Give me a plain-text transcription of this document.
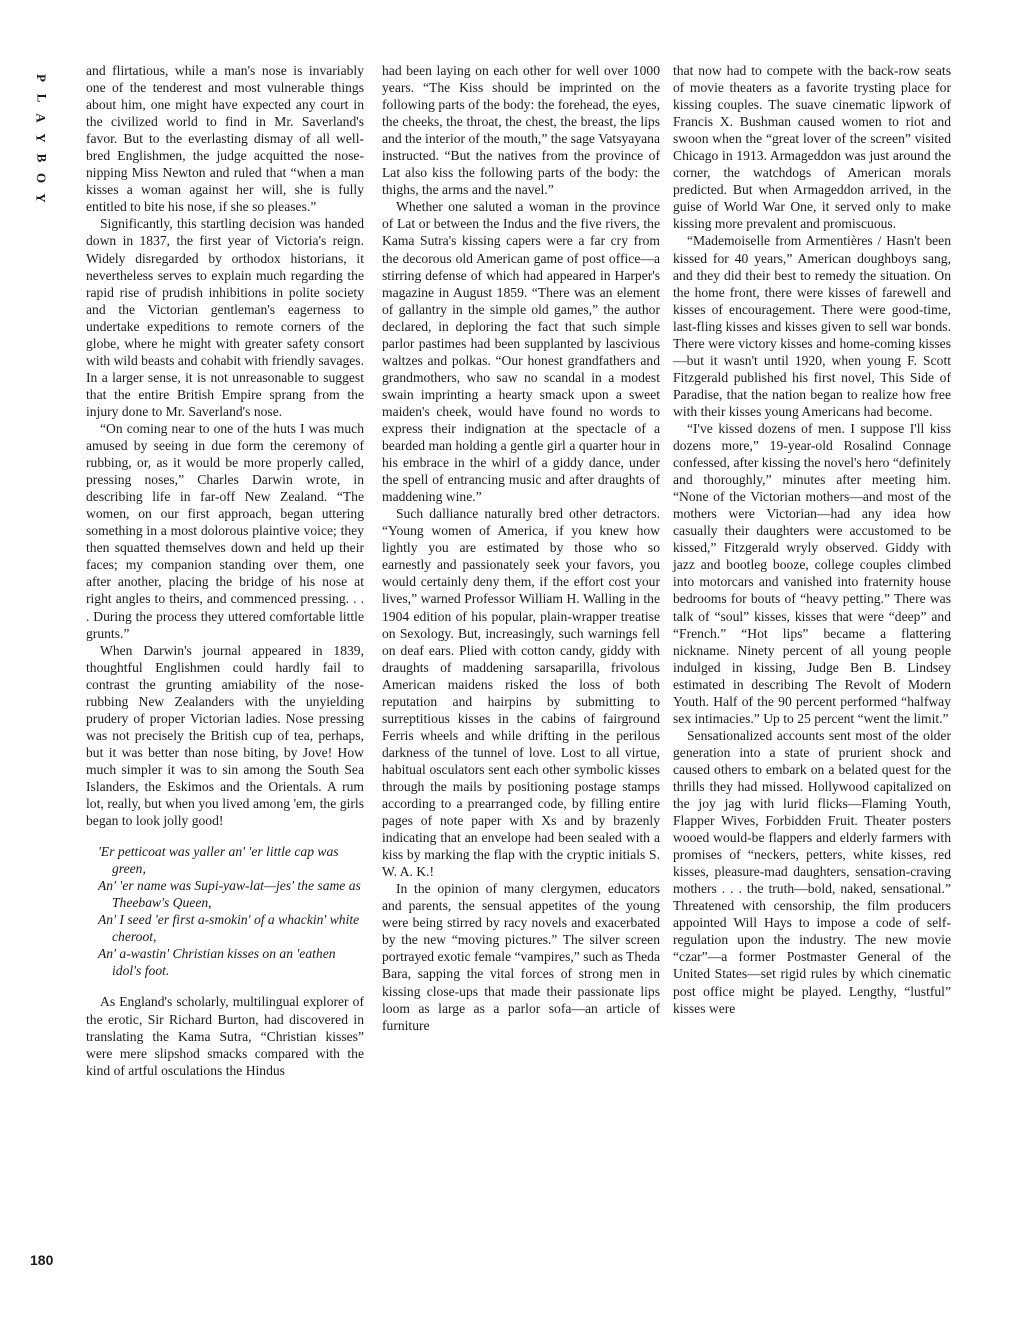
P
L
A
Y
B
O
Y
180

and flirtatious, while a man's nose is invariably one of the tenderest and most vulnerable things about him, one might have expected any court in the civilized world to find in Mr. Saverland's favor. But to the everlasting dismay of all well-bred Englishmen, the judge acquitted the nose-nipping Miss Newton and ruled that “when a man kisses a woman against her will, she is fully entitled to bite his nose, if she so pleases.”

Significantly, this startling decision was handed down in 1837, the first year of Victoria's reign. Widely disregarded by orthodox historians, it nevertheless serves to explain much regarding the rapid rise of prudish inhibitions in polite society and the Victorian gentleman's eagerness to undertake expeditions to remote corners of the globe, where he might with greater safety consort with wild beasts and cohabit with friendly savages. In a larger sense, it is not unreasonable to suggest that the entire British Empire sprang from the injury done to Mr. Saverland's nose.

“On coming near to one of the huts I was much amused by seeing in due form the ceremony of rubbing, or, as it would be more properly called, pressing noses,” Charles Darwin wrote, in describing life in far-off New Zealand. “The women, on our first approach, began uttering something in a most dolorous plaintive voice; they then squatted themselves down and held up their faces; my companion standing over them, one after another, placing the bridge of his nose at right angles to theirs, and commenced pressing. . . . During the process they uttered comfortable little grunts.”

When Darwin's journal appeared in 1839, thoughtful Englishmen could hardly fail to contrast the grunting amiability of the nose-rubbing New Zealanders with the unyielding prudery of proper Victorian ladies. Nose pressing was not precisely the British cup of tea, perhaps, but it was better than nose biting, by Jove! How much simpler it was to sin among the South Sea Islanders, the Eskimos and the Orientals. A rum lot, really, but when you lived among 'em, the girls began to look jolly good!

'Er petticoat was yaller an' 'er little cap was green,
An' 'er name was Supi-yaw-lat—jes' the same as Theebaw's Queen,
An' I seed 'er first a-smokin' of a whackin' white cheroot,
An' a-wastin' Christian kisses on an 'eathen idol's foot.

As England's scholarly, multilingual explorer of the erotic, Sir Richard Burton, had discovered in translating the Kama Sutra, “Christian kisses” were mere slipshod smacks compared with the kind of artful osculations the Hindus

had been laying on each other for well over 1000 years. “The Kiss should be imprinted on the following parts of the body: the forehead, the eyes, the cheeks, the throat, the chest, the breast, the lips and the interior of the mouth,” the sage Vatsyayana instructed. “But the natives from the province of Lat also kiss the following parts of the body: the thighs, the arms and the navel.”

Whether one saluted a woman in the province of Lat or between the Indus and the five rivers, the Kama Sutra's kissing capers were a far cry from the decorous old American game of post office—a stirring defense of which had appeared in Harper's magazine in August 1859. “There was an element of gallantry in the simple old games,” the author declared, in deploring the fact that such simple parlor pastimes had been supplanted by lascivious waltzes and polkas. “Our honest grandfathers and grandmothers, who saw no scandal in a modest swain imprinting a hearty smack upon a sweet maiden's cheek, would have found no words to express their indignation at the spectacle of a bearded man holding a gentle girl a quarter hour in his embrace in the whirl of a giddy dance, under the spell of entrancing music and after draughts of maddening wine.”

Such dalliance naturally bred other detractors. “Young women of America, if you knew how lightly you are estimated by those who so earnestly and passionately seek your favors, you would certainly deny them, if the effort cost your lives,” warned Professor William H. Walling in the 1904 edition of his popular, plain-wrapper treatise on Sexology. But, increasingly, such warnings fell on deaf ears. Plied with cotton candy, giddy with draughts of maddening sarsaparilla, frivolous American maidens risked the loss of both reputation and hairpins by submitting to surreptitious kisses in the cabins of fairground Ferris wheels and while drifting in the perilous darkness of the tunnel of love. Lost to all virtue, habitual osculators sent each other symbolic kisses through the mails by positioning postage stamps according to a prearranged code, by filling entire pages of note paper with Xs and by brazenly indicating that an envelope had been sealed with a kiss by marking the flap with the cryptic initials S. W. A. K.!

In the opinion of many clergymen, educators and parents, the sensual appetites of the young were being stirred by racy novels and exacerbated by the new “moving pictures.” The silver screen portrayed exotic female “vampires,” such as Theda Bara, sapping the vital forces of strong men in kissing close-ups that made their passionate lips loom as large as a parlor sofa—an article of furniture

that now had to compete with the back-row seats of movie theaters as a favorite trysting place for kissing couples. The suave cinematic lipwork of Francis X. Bushman caused women to riot and swoon when the “great lover of the screen” visited Chicago in 1913. Armageddon was just around the corner, the watchdogs of American morals predicted. But when Armageddon arrived, in the guise of World War One, it served only to make kissing more prevalent and promiscuous.

“Mademoiselle from Armentières / Hasn't been kissed for 40 years,” American doughboys sang, and they did their best to remedy the situation. On the home front, there were kisses of farewell and kisses of encouragement. There were good-time, last-fling kisses and kisses given to sell war bonds. There were victory kisses and home-coming kisses—but it wasn't until 1920, when young F. Scott Fitzgerald published his first novel, This Side of Paradise, that the nation began to realize how free with their kisses young Americans had become.

“I've kissed dozens of men. I suppose I'll kiss dozens more,” 19-year-old Rosalind Connage confessed, after kissing the novel's hero “definitely and thoroughly,” minutes after meeting him. “None of the Victorian mothers—and most of the mothers were Victorian—had any idea how casually their daughters were accustomed to be kissed,” Fitzgerald wryly observed. Giddy with jazz and bootleg booze, college couples climbed into motorcars and vanished into fraternity house bedrooms for bouts of “heavy petting.” There was talk of “soul” kisses, kisses that were “deep” and “French.” “Hot lips” became a flattering nickname. Ninety percent of all young people indulged in kissing, Judge Ben B. Lindsey estimated in describing The Revolt of Modern Youth. Half of the 90 percent performed “halfway sex intimacies.” Up to 25 percent “went the limit.”

Sensationalized accounts sent most of the older generation into a state of prurient shock and caused others to embark on a belated quest for the thrills they had missed. Hollywood capitalized on the joy jag with lurid flicks—Flaming Youth, Flapper Wives, Forbidden Fruit. Theater posters wooed would-be flappers and elderly farmers with promises of “neckers, petters, white kisses, red kisses, pleasure-mad daughters, sensation-craving mothers . . . the truth—bold, naked, sensational.” Threatened with censorship, the film producers appointed Will Hays to impose a code of self-regulation upon the industry. The new movie “czar”—a former Postmaster General of the United States—set rigid rules by which cinematic post office might be played. Lengthy, “lustful” kisses were
